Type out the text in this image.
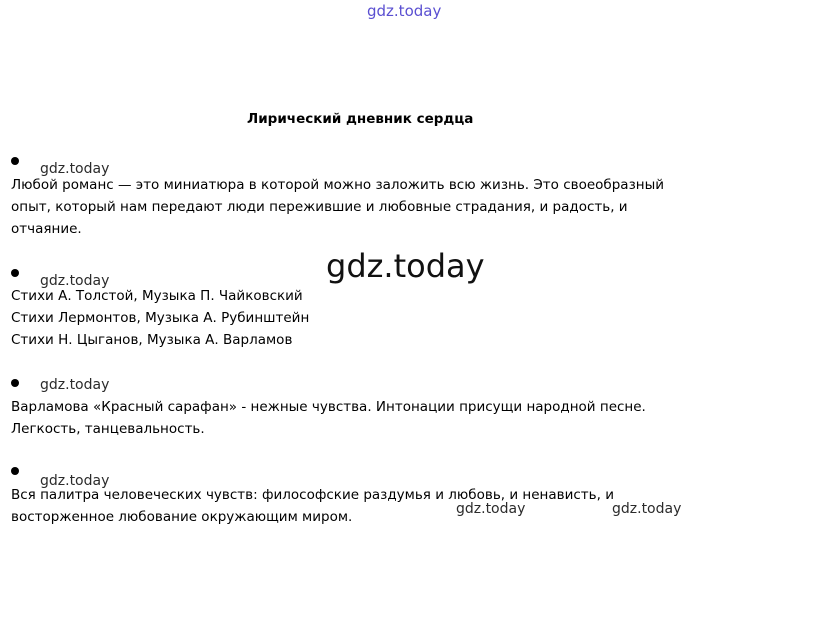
gdz.today
Лирический дневник сердца
gdz.today
Любой романс — это миниатюра в которой можно заложить всю жизнь. Это своеобразный
опыт, который нам передают люди пережившие и любовные страдания, и радость, и
отчаяние.
gdz.today
gdz.today
Стихи А. Толстой, Музыка П. Чайковский
Стихи Лермонтов, Музыка А. Рубинштейн
Стихи Н. Цыганов, Музыка А. Варламов
gdz.today
Варламова «Красный сарафан» - нежные чувства. Интонации присущи народной песне.
Легкость, танцевальность.
gdz.today
Вся палитра человеческих чувств: философские раздумья и любовь, и ненависть, и
восторженное любование окружающим миром.	gdz.today	gdz.today
